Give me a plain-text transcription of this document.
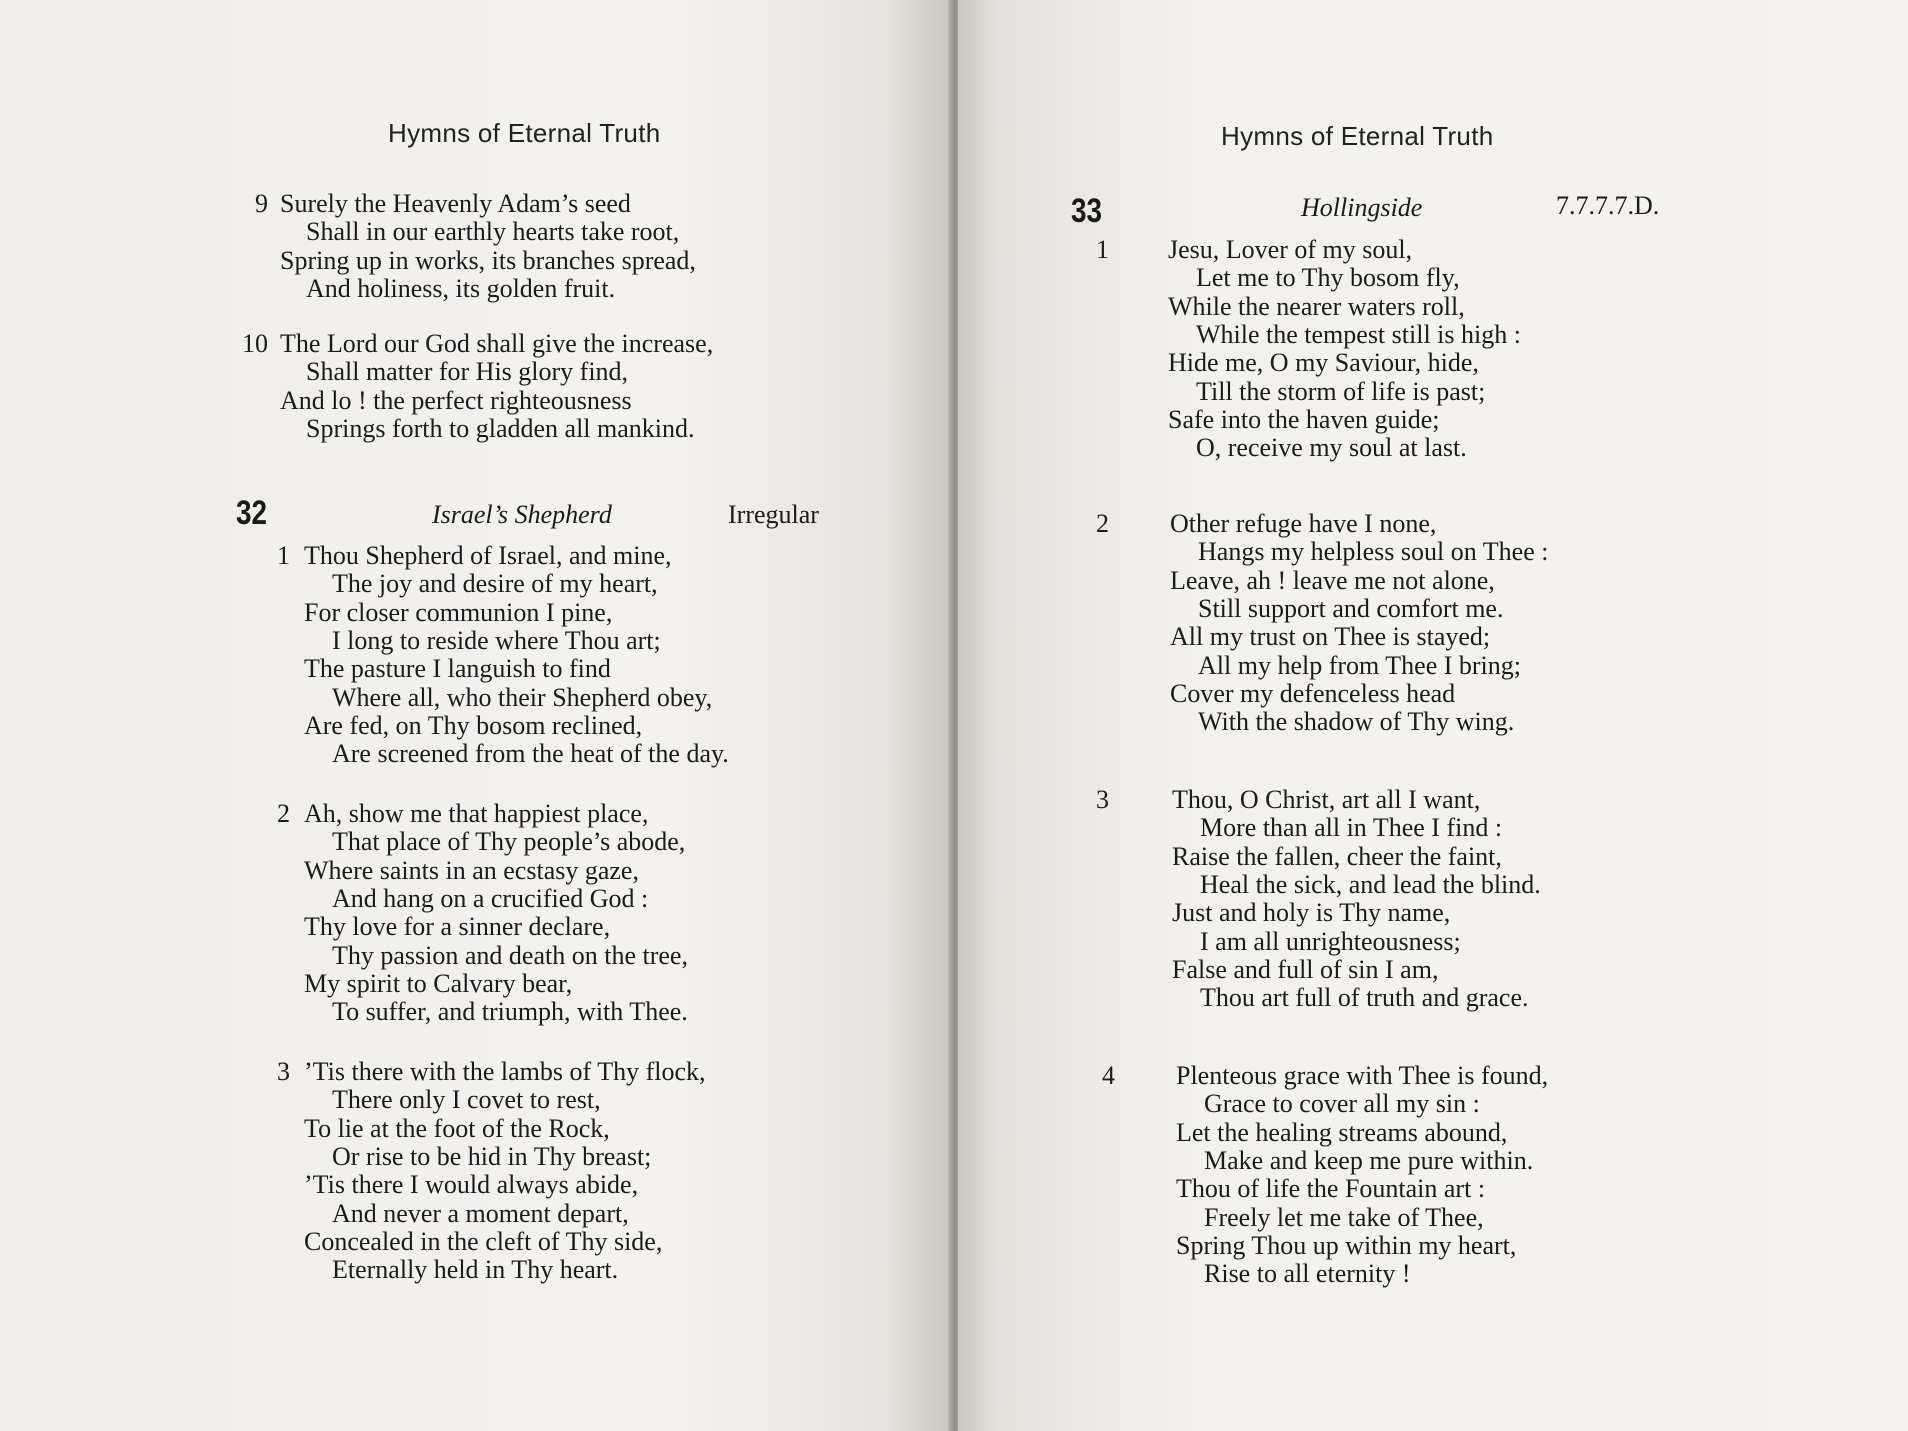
Hymns of Eternal Truth
32	Israel’s Shepherd	Irregular
9 Surely the Heavenly Adam’s seed
Shall in our earthly hearts take root,
Spring up in works, its branches spread,
And holiness, its golden fruit.
10 The Lord our God shall give the increase,
Shall matter for His glory find,
And lo ! the perfect righteousness
Springs forth to gladden all mankind.
1 Thou Shepherd of Israel, and mine,
The joy and desire of my heart,
For closer communion I pine,
I long to reside where Thou art;
The pasture I languish to find
Where all, who their Shepherd obey,
Are fed, on Thy bosom reclined,
Are screened from the heat of the day.
2 Ah, show me that happiest place,
That place of Thy people’s abode,
Where saints in an ecstasy gaze,
And hang on a crucified God :
Thy love for a sinner declare,
Thy passion and death on the tree,
My spirit to Calvary bear,
To suffer, and triumph, with Thee.
3 ’Tis there with the lambs of Thy flock,
There only I covet to rest,
To lie at the foot of the Rock,
Or rise to be hid in Thy breast;
’Tis there I would always abide,
And never a moment depart,
Concealed in the cleft of Thy side,
Eternally held in Thy heart.
Hymns of Eternal Truth
33	Hollingside	7.7.7.7.D.
1 Jesu, Lover of my soul,
Let me to Thy bosom fly,
While the nearer waters roll,
While the tempest still is high :
Hide me, O my Saviour, hide,
Till the storm of life is past;
Safe into the haven guide;
O, receive my soul at last.
2 Other refuge have I none,
Hangs my helpless soul on Thee :
Leave, ah ! leave me not alone,
Still support and comfort me.
All my trust on Thee is stayed;
All my help from Thee I bring;
Cover my defenceless head
With the shadow of Thy wing.
3 Thou, O Christ, art all I want,
More than all in Thee I find :
Raise the fallen, cheer the faint,
Heal the sick, and lead the blind.
Just and holy is Thy name,
I am all unrighteousness;
False and full of sin I am,
Thou art full of truth and grace.
4 Plenteous grace with Thee is found,
Grace to cover all my sin :
Let the healing streams abound,
Make and keep me pure within.
Thou of life the Fountain art :
Freely let me take of Thee,
Spring Thou up within my heart,
Rise to all eternity !
